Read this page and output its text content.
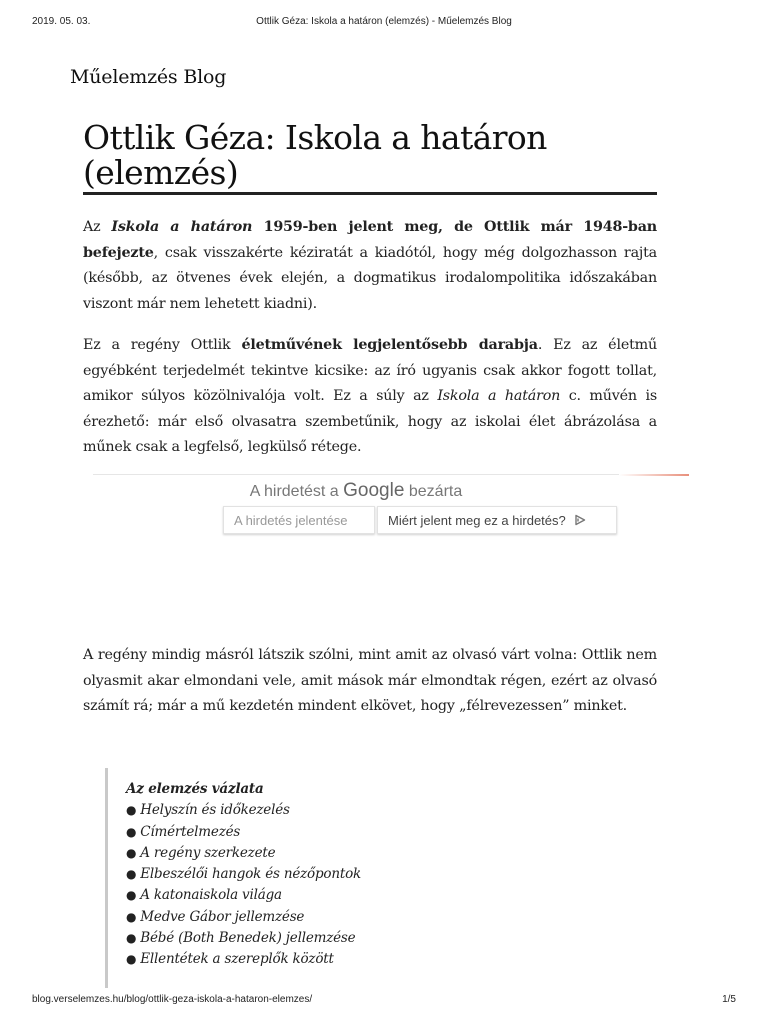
2019. 05. 03.	Ottlik Géza: Iskola a határon (elemzés) - Műelemzés Blog
Műelemzés Blog
Ottlik Géza: Iskola a határon (elemzés)

Az Iskola a határon 1959-ben jelent meg, de Ottlik már 1948-ban befejezte, csak visszakérte kéziratát a kiadótól, hogy még dolgozhasson rajta (később, az ötvenes évek elején, a dogmatikus irodalompolitika időszakában viszont már nem lehetett kiadni).

Ez a regény Ottlik életművének legjelentősebb darabja. Ez az életmű egyébként terjedelmét tekintve kicsike: az író ugyanis csak akkor fogott tollat, amikor súlyos közölnivalója volt. Ez a súly az Iskola a határon c. művén is érezhető: már első olvasatra szembetűnik, hogy az iskolai élet ábrázolása a műnek csak a legfelső, legkülső rétege.

A hirdetést a Google bezárta
A hirdetés jelentése	Miért jelent meg ez a hirdetés?

A regény mindig másról látszik szólni, mint amit az olvasó várt volna: Ottlik nem olyasmit akar elmondani vele, amit mások már elmondtak régen, ezért az olvasó számít rá; már a mű kezdetén mindent elkövet, hogy „félrevezessen” minket.

Az elemzés vázlata
● Helyszín és időkezelés
● Címértelmezés
● A regény szerkezete
● Elbeszélői hangok és nézőpontok
● A katonaiskola világa
● Medve Gábor jellemzése
● Bébé (Both Benedek) jellemzése
● Ellentétek a szereplők között
blog.verselemzes.hu/blog/ottlik-geza-iskola-a-hataron-elemzes/	1/5
